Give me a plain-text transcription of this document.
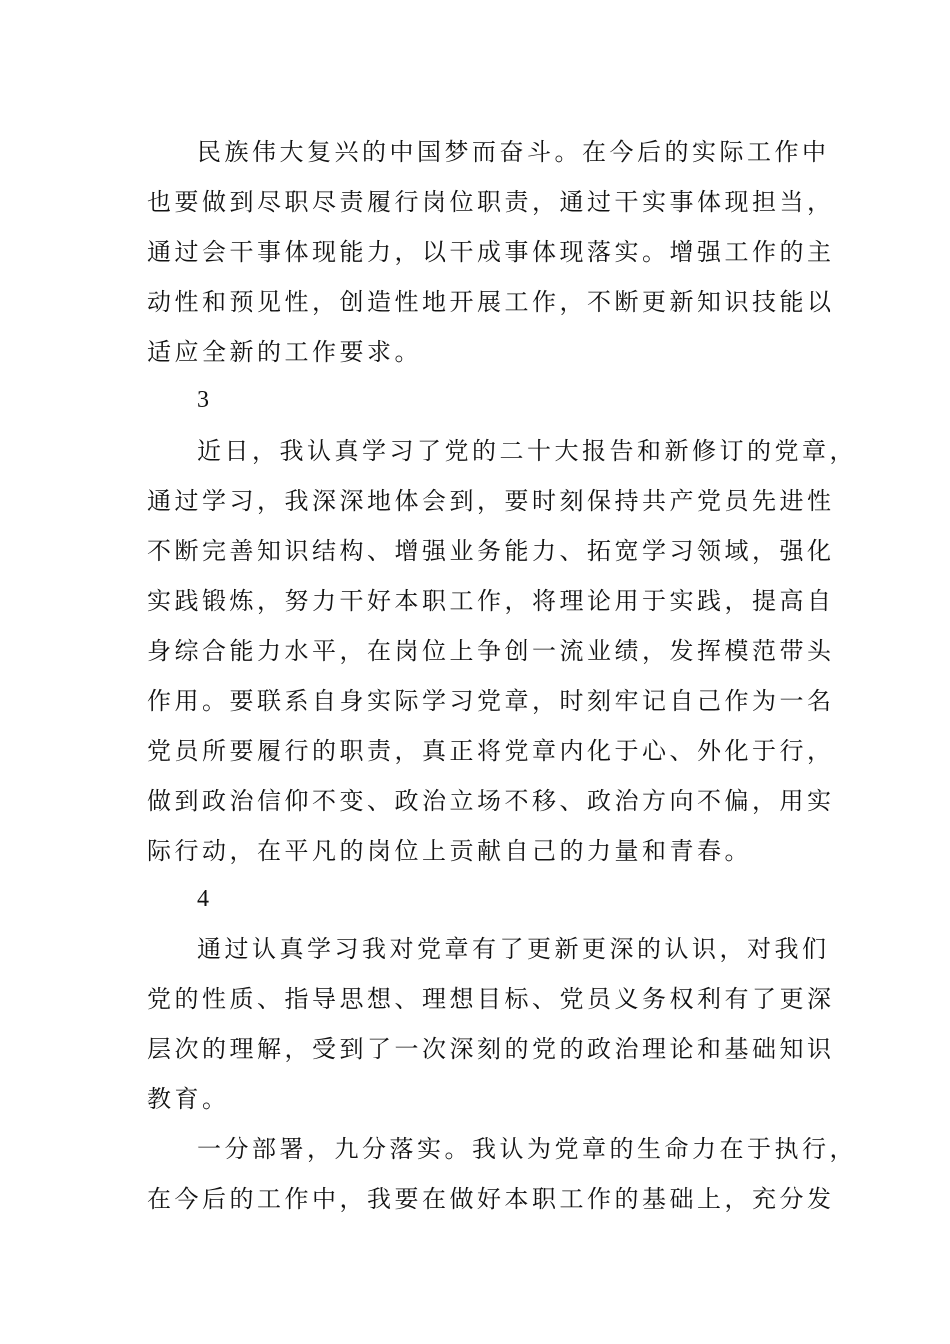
民族伟大复兴的中国梦而奋斗。在今后的实际工作中
也要做到尽职尽责履行岗位职责，通过干实事体现担当，
通过会干事体现能力，以干成事体现落实。增强工作的主
动性和预见性，创造性地开展工作，不断更新知识技能以
适应全新的工作要求。
3
近日，我认真学习了党的二十大报告和新修订的党章，
通过学习，我深深地体会到，要时刻保持共产党员先进性
不断完善知识结构、增强业务能力、拓宽学习领域，强化
实践锻炼，努力干好本职工作，将理论用于实践，提高自
身综合能力水平，在岗位上争创一流业绩，发挥模范带头
作用。要联系自身实际学习党章，时刻牢记自己作为一名
党员所要履行的职责，真正将党章内化于心、外化于行，
做到政治信仰不变、政治立场不移、政治方向不偏，用实
际行动，在平凡的岗位上贡献自己的力量和青春。
4
通过认真学习我对党章有了更新更深的认识，对我们
党的性质、指导思想、理想目标、党员义务权利有了更深
层次的理解，受到了一次深刻的党的政治理论和基础知识
教育。
一分部署，九分落实。我认为党章的生命力在于执行，
在今后的工作中，我要在做好本职工作的基础上，充分发
